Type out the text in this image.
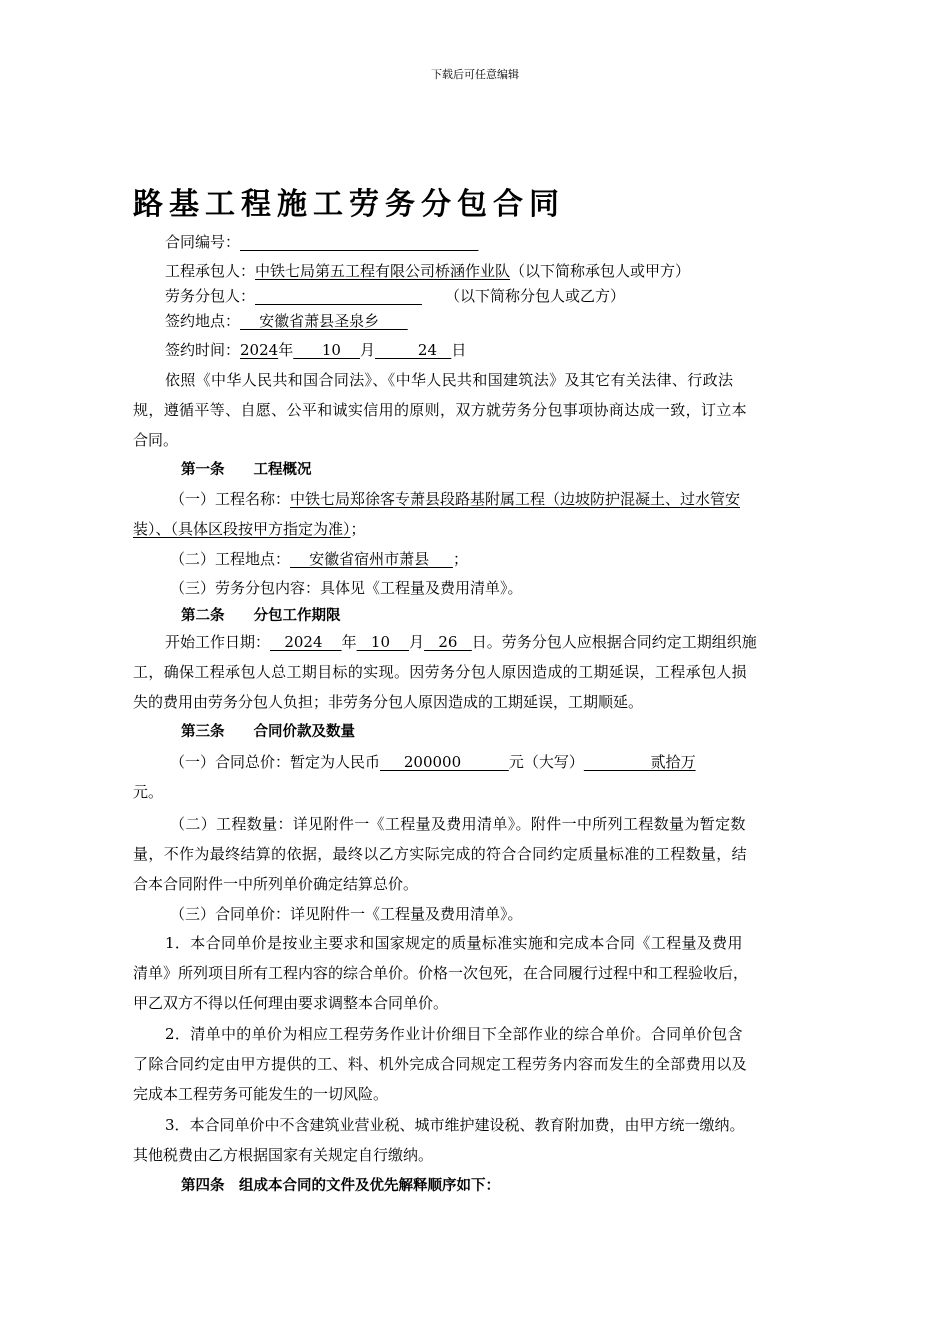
下载后可任意编辑
路基工程施工劳务分包合同
合同编号：
工程承包人：中铁七局第五工程有限公司桥涵作业队（以下简称承包人或甲方）
劳务分包人：	（以下简称分包人或乙方）
签约地点：    安徽省萧县圣泉乡
签约时间：2024年      10    月         24   日
依照《中华人民共和国合同法》、《中华人民共和国建筑法》及其它有关法律、行政法
规，遵循平等、自愿、公平和诚实信用的原则，双方就劳务分包事项协商达成一致，订立本
合同。
第一条　　工程概况
（一）工程名称：中铁七局郑徐客专萧县段路基附属工程（边坡防护混凝土、过水管安
装）、（具体区段按甲方指定为准）；
（二）工程地点：    安徽省宿州市萧县     ；
（三）劳务分包内容：具体见《工程量及费用清单》。
第二条　　分包工作期限
开始工作日期：   2024    年   10    月   26   日。劳务分包人应根据合同约定工期组织施
工，确保工程承包人总工期目标的实现。因劳务分包人原因造成的工期延误，工程承包人损
失的费用由劳务分包人负担；非劳务分包人原因造成的工期延误，工期顺延。
第三条　　合同价款及数量
（一）合同总价：暂定为人民币     200000          元（大写）              贰拾万
元。
（二）工程数量：详见附件一《工程量及费用清单》。附件一中所列工程数量为暂定数
量，不作为最终结算的依据，最终以乙方实际完成的符合合同约定质量标准的工程数量，结
合本合同附件一中所列单价确定结算总价。
（三）合同单价：详见附件一《工程量及费用清单》。
1．本合同单价是按业主要求和国家规定的质量标准实施和完成本合同《工程量及费用
清单》所列项目所有工程内容的综合单价。价格一次包死，在合同履行过程中和工程验收后，
甲乙双方不得以任何理由要求调整本合同单价。
2．清单中的单价为相应工程劳务作业计价细目下全部作业的综合单价。合同单价包含
了除合同约定由甲方提供的工、料、机外完成合同规定工程劳务内容而发生的全部费用以及
完成本工程劳务可能发生的一切风险。
3．本合同单价中不含建筑业营业税、城市维护建设税、教育附加费，由甲方统一缴纳。
其他税费由乙方根据国家有关规定自行缴纳。
第四条　组成本合同的文件及优先解释顺序如下：
